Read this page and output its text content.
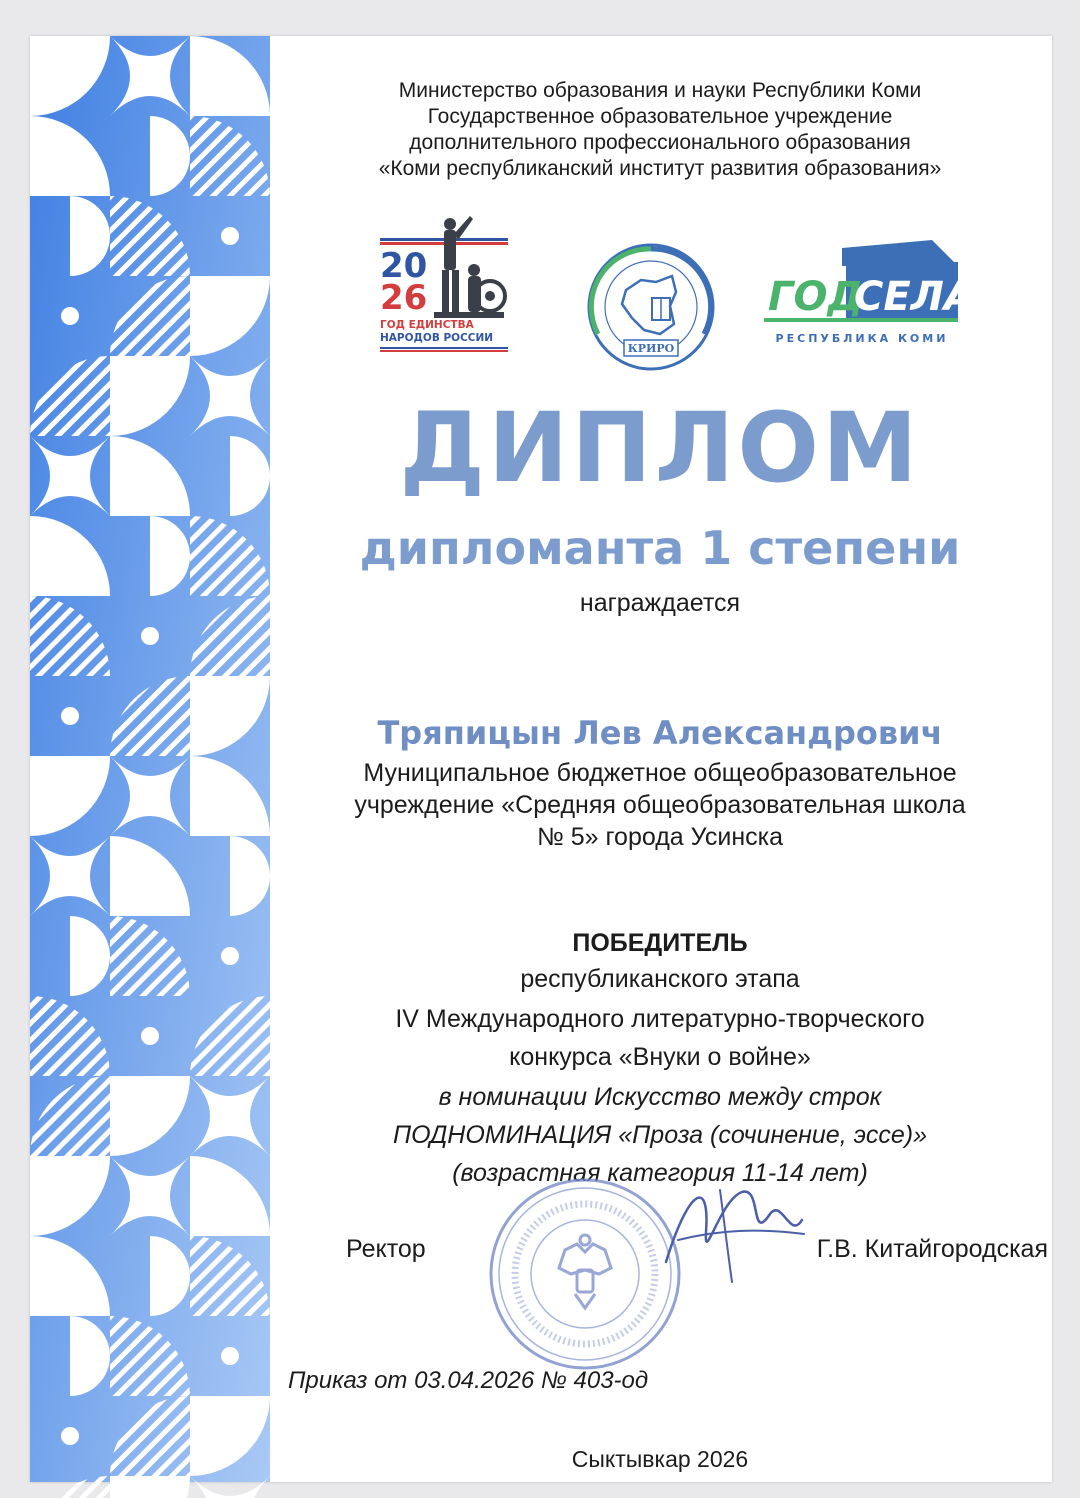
Министерство образования и науки Республики Коми
Государственное образовательное учреждение
дополнительного профессионального образования
«Коми республиканский институт развития образования»
20
26
ГОД ЕДИНСТВА
НАРОДОВ РОССИИ
КРИРО
ГОД
СЕЛА
РЕСПУБЛИКА КОМИ
ДИПЛОМ
дипломанта 1 степени
награждается
Тряпицын Лев Александрович
Муниципальное бюджетное общеобразовательное
учреждение «Средняя общеобразовательная школа
№ 5» города Усинска
ПОБЕДИТЕЛЬ
республиканского этапа
IV Международного литературно-творческого
конкурса «Внуки о войне»
в номинации Искусство между строк
ПОДНОМИНАЦИЯ «Проза (сочинение, эссе)»
(возрастная категория 11-14 лет)
Ректор	Г.В. Китайгородская
Приказ от 03.04.2026 № 403-од
Сыктывкар 2026
